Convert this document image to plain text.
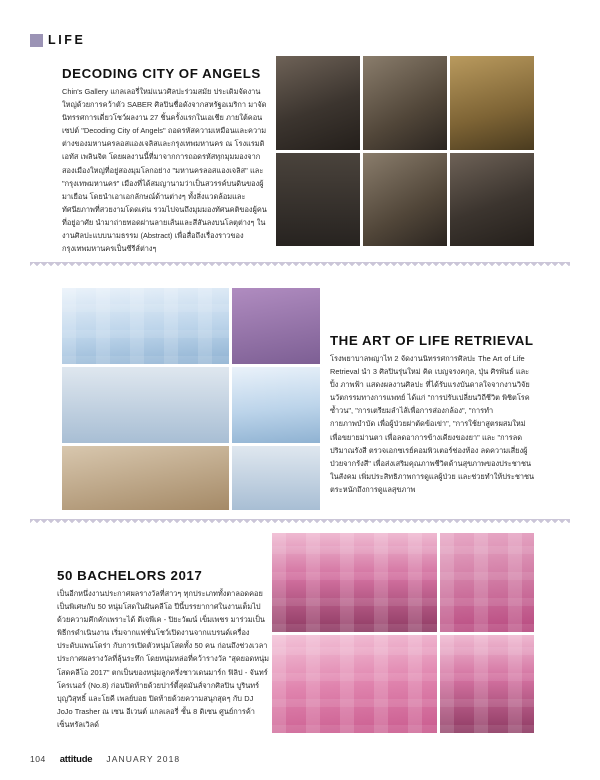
LIFE
DECODING CITY OF ANGELS

Chin's Gallery แกลเลอรี่ใหม่แนวศิลปะร่วมสมัย ประเดิมจัดงานใหญ่ด้วยการคว้าตัว SABER ศิลปินชื่อดังจากสหรัฐอเมริกา มาจัดนิทรรศการเดี่ยวโชว์ผลงาน 27 ชิ้นครั้งแรกในเอเชีย ภายใต้คอนเซปต์ "Decoding City of Angels" ถอดรหัสความเหมือนและความต่างของมหานครลอสแองเจลิสและกรุงเทพมหานคร ณ โรงแรมดิเอทัส เพลินจิต โดยผลงานนี้ที่มาจากการถอดรหัสทุกมุมมองจากสองเมืองใหญ่ที่อยู่สองมุมโลกอย่าง "มหานครลอสแองเจลิส" และ "กรุงเทพมหานคร" เมืองที่ได้สมญานามว่าเป็นสวรรค์บนดินของผู้มาเยือน โดยนำเอาเอกลักษณ์ด้านต่างๆ ทั้งสิ่งแวดล้อมและทัศนียภาพที่สวยงามโดดเด่น รวมไปจนถึงมุมมองทัศนคติของผู้คนที่อยู่อาศัย นำมาถ่ายทอดผ่านลายเส้นและสีสันลงบนโลตุต่างๆ ในงานศิลปะแบบนามธรรม (Abstract) เพื่อสื่อถึงเรื่องราวของกรุงเทพมหานครเป็นซีรีส์ต่างๆ

THE ART OF LIFE RETRIEVAL

โรงพยาบาลพญาไท 2 จัดงานนิทรรศการศิลปะ The Art of Life Retrieval นำ 3 ศิลปินรุ่นใหม่ คิด เบญจรงคกุล, ปุ่น ศิรพันธ์ และ ปิ้ง ภาพฟ้า แสดงผลงานศิลปะ ที่ได้รับแรงบันดาลใจจากงานวิจัยนวัตกรรมทางการแพทย์ ได้แก่ "การปรับเปลี่ยนวิถีชีวิต พิชิตโรคซ้ำวน", "การเตรียมลำไส้เพื่อการส่องกล้อง", "การทำกายภาพบำบัด เพื่อผู้ป่วยผ่าตัดข้อเข่า", "การใช้ยาสูตรผสมใหม่ เพื่อขยายม่านตา เพื่อลดอาการข้างเคียงของยา" และ "การลดปริมาณรังสี ตรวจเอกซเรย์คอมพิวเตอร์ช่องท้อง ลดความเสี่ยงผู้ป่วยจากรังสี" เพื่อส่งเสริมคุณภาพชีวิตด้านสุขภาพของประชาชนในสังคม เพิ่มประสิทธิภาพการดูแลผู้ป่วย และช่วยทำให้ประชาชนตระหนักถึงการดูแลสุขภาพ

50 BACHELORS 2017

เป็นอีกหนึ่งงานประกาศผลรางวัลที่สาวๆ ทุกประเภททั้งตาลอดคอยเป็นพิเศษกับ 50 หนุ่มโสดในฝันคลีโอ ปีนี้บรรยากาศในงานเต็มไปด้วยความคึกคักเพราะได้ ดีเจพีเค - ปิยะวัฒน์ เข็มเพชร มาร่วมเป็นพิธีกรดำเนินงาน เริ่มจากแฟชั่นโชว์เปิดงานจากแบรนด์เครื่องประดับแพนโดร่า กับการเปิดตัวหนุ่มโสดทั้ง 50 คน ก่อนถึงช่วงเวลาประกาศผลรางวัลที่ลุ้นระทึก โดยหนุ่มหล่อที่คว้ารางวัล "สุดยอดหนุ่มโสดคลีโอ 2017" ตกเป็นของหนุ่มลูกครึ่งชาวเดนมาร์ก ฟิลิป - จันทร์ โครเนอร์ (No.8) ก่อนปิดท้ายด้วยปาร์ตี้สุดมันส์จากศิลปิน บูรินทร์ บุญวิสุทธิ์ และโยคี เพลย์บอย ปิดท้ายด้วยความสนุกสุดๆ กับ DJ JoJo Trasher ณ เซน อีเวนต์ แกลเลอรี่ ชั้น 8 ดิเซน ศูนย์การค้าเซ็นทรัลเวิลด์

104 attitude JANUARY 2018
